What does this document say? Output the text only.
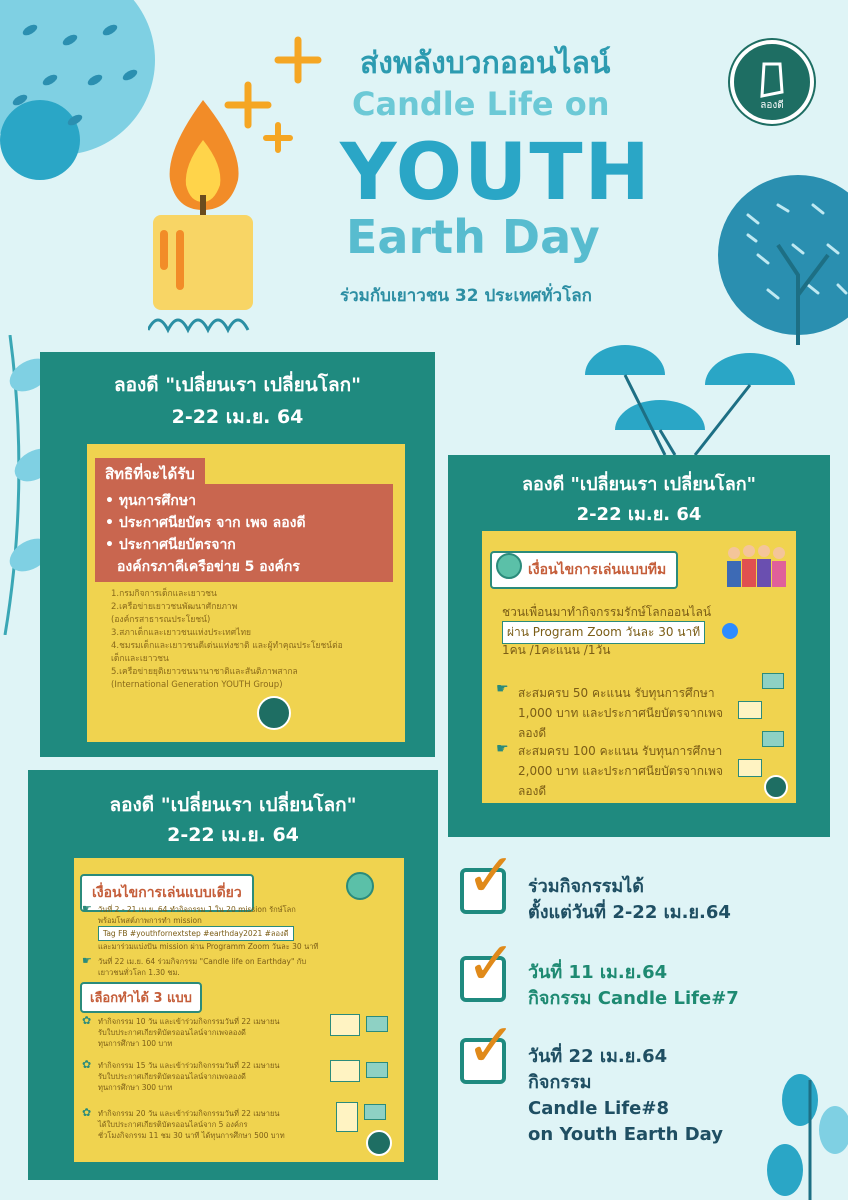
ส่งพลังบวกออนไลน์
Candle Life on
YOUTH
Earth Day
ร่วมกับเยาวชน 32 ประเทศทั่วโลก
ลองดี
ลองดี "เปลี่ยนเรา เปลี่ยนโลก"
2-22 เม.ย. 64
สิทธิที่จะได้รับ
• ทุนการศึกษา
• ประกาศนียบัตร จาก เพจ ลองดี
• ประกาศนียบัตรจาก
องค์กรภาคีเครือข่าย 5 องค์กร
1.กรมกิจการเด็กและเยาวชน
2.เครือข่ายเยาวชนพัฒนาศักยภาพ
(องค์กรสาธารณประโยชน์)
3.สภาเด็กและเยาวชนแห่งประเทศไทย
4.ชมรมเด็กและเยาวชนดีเด่นแห่งชาติ และผู้ทำคุณประโยชน์ต่อ
เด็กและเยาวชน
5.เครือข่ายยุติเยาวชนนานาชาติและสันติภาพสากล
(International Generation YOUTH Group)
ลองดี "เปลี่ยนเรา เปลี่ยนโลก"
2-22 เม.ย. 64
เงื่อนไขการเล่นแบบทีม
ชวนเพื่อนมาทำกิจกรรมรักษ์โลกออนไลน์
ผ่าน Program Zoom วันละ 30 นาที
1คน /1คะแนน /1วัน
☛ สะสมครบ 50 คะแนน รับทุนการศึกษา
1,000 บาท และประกาศนียบัตรจากเพจ
ลองดี
☛ สะสมครบ 100 คะแนน รับทุนการศึกษา
2,000 บาท และประกาศนียบัตรจากเพจ
ลองดี
ลองดี "เปลี่ยนเรา เปลี่ยนโลก"
2-22 เม.ย. 64
เงื่อนไขการเล่นแบบเดี่ยว
☛ วันที่ 2 - 21 เม.ย. 64 ทำกิจกรรม 1 ใน 20 mission รักษ์โลก
พร้อมโพสต์ภาพการทำ mission
Tag FB #youthfornextstep #earthday2021 #ลองดี
และมาร่วมแบ่งปัน mission ผ่าน Programm Zoom วันละ 30 นาที
☛ วันที่ 22 เม.ย. 64 ร่วมกิจกรรม "Candle life on Earthday" กับ
เยาวชนทั่วโลก 1.30 ชม.
เลือกทำได้ 3 แบบ
✿ ทำกิจกรรม 10 วัน และเข้าร่วมกิจกรรมวันที่ 22 เมษายน
รับใบประกาศเกียรติบัตรออนไลน์จากเพจลองดี
ทุนการศึกษา 100 บาท
✿ ทำกิจกรรม 15 วัน และเข้าร่วมกิจกรรมวันที่ 22 เมษายน
รับใบประกาศเกียรติบัตรออนไลน์จากเพจลองดี
ทุนการศึกษา 300 บาท
✿ ทำกิจกรรม 20 วัน และเข้าร่วมกิจกรรมวันที่ 22 เมษายน
ได้ใบประกาศเกียรติบัตรออนไลน์จาก 5 องค์กร
ชั่วโมงกิจกรรม 11 ชม 30 นาที ได้ทุนการศึกษา 500 บาท
✓ ร่วมกิจกรรมได้
ตั้งแต่วันที่ 2-22 เม.ย.64
✓ วันที่ 11 เม.ย.64
กิจกรรม Candle Life#7
✓ วันที่ 22 เม.ย.64
กิจกรรม
Candle Life#8
on Youth Earth Day
